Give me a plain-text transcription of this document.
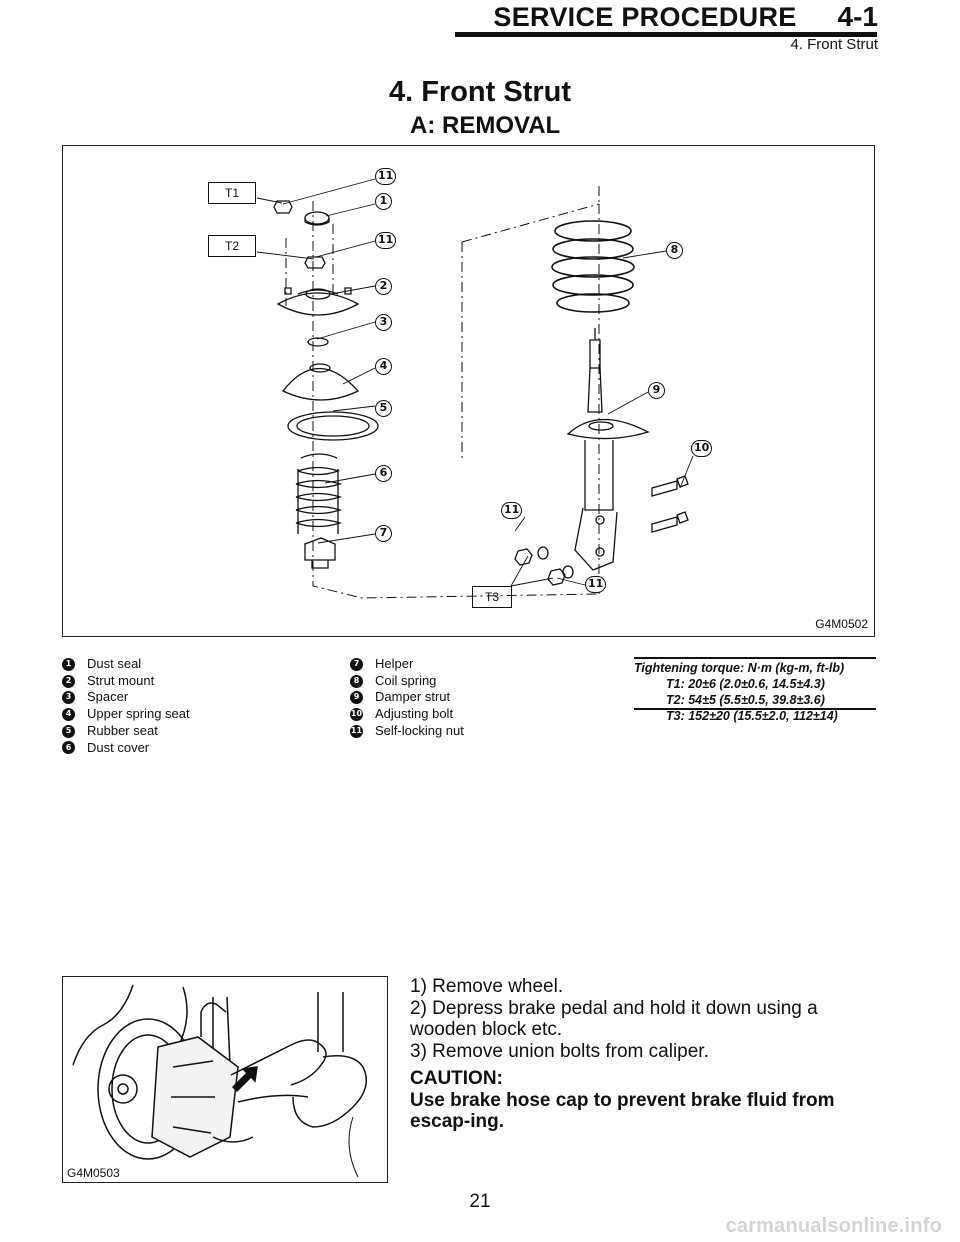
SERVICE PROCEDURE	4-1
4. Front Strut
4. Front Strut
A: REMOVAL
T1
T2
T3
11
1
11
2
3
4
5
6
7
8
9
10
11
11
G4M0502
1 Dust seal
2 Strut mount
3 Spacer
4 Upper spring seat
5 Rubber seat
6 Dust cover
7 Helper
8 Coil spring
9 Damper strut
10 Adjusting bolt
11 Self-locking nut
Tightening torque: N·m (kg-m, ft-lb)
T1: 20±6 (2.0±0.6, 14.5±4.3)
T2: 54±5 (5.5±0.5, 39.8±3.6)
T3: 152±20 (15.5±2.0, 112±14)
G4M0503

1) Remove wheel.

2) Depress brake pedal and hold it down using a wooden block etc.

3) Remove union bolts from caliper.

CAUTION:

Use brake hose cap to prevent brake fluid from escap-ing.

21
carmanualsonline.info
